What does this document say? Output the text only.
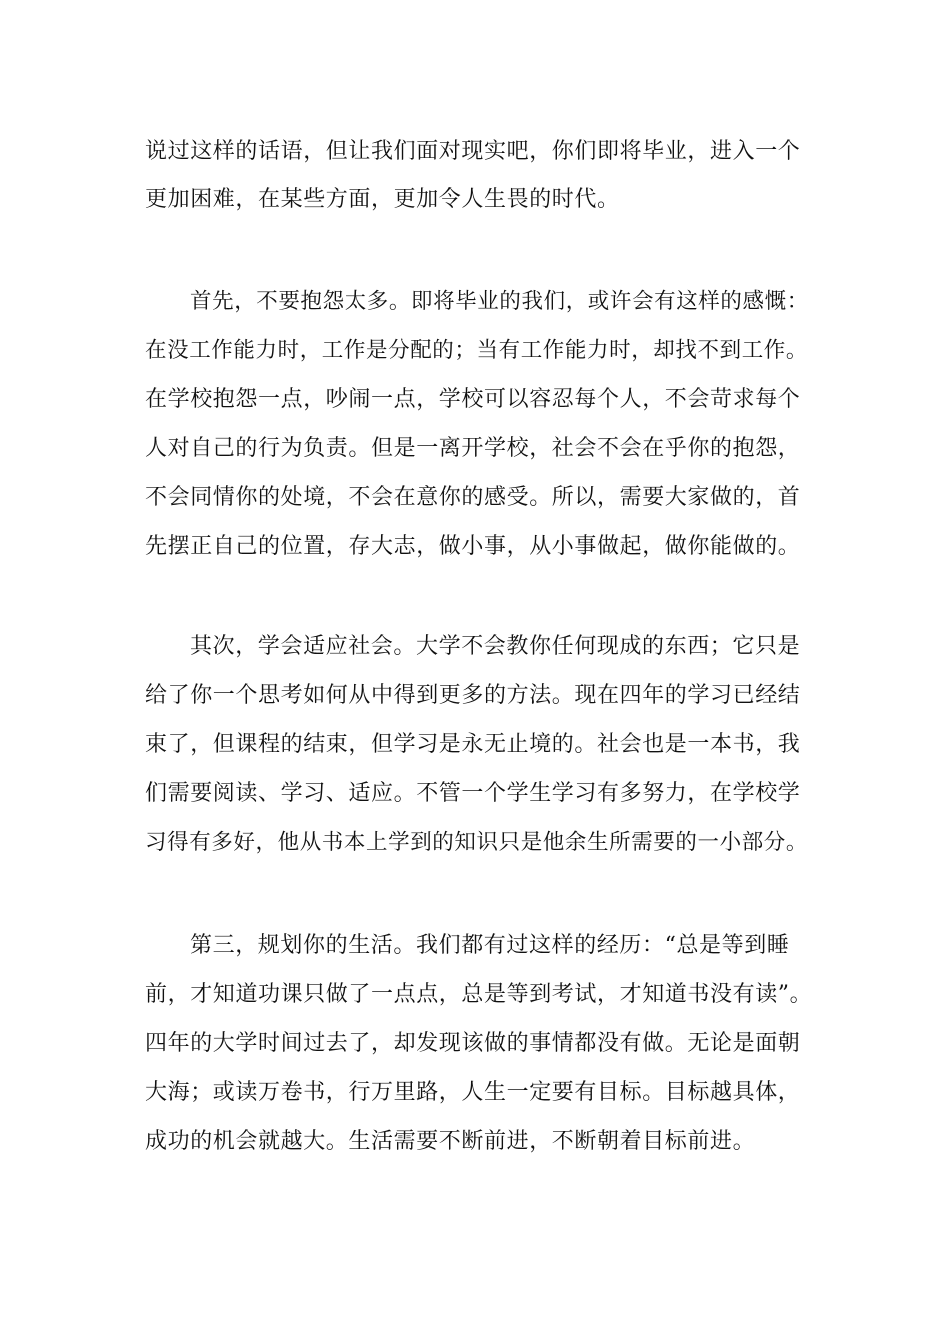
说过这样的话语，但让我们面对现实吧，你们即将毕业，进入一个
更加困难，在某些方面，更加令人生畏的时代。
首先，不要抱怨太多。即将毕业的我们，或许会有这样的感慨：
在没工作能力时，工作是分配的；当有工作能力时，却找不到工作。
在学校抱怨一点，吵闹一点，学校可以容忍每个人，不会苛求每个
人对自己的行为负责。但是一离开学校，社会不会在乎你的抱怨，
不会同情你的处境，不会在意你的感受。所以，需要大家做的，首
先摆正自己的位置，存大志，做小事，从小事做起，做你能做的。
其次，学会适应社会。大学不会教你任何现成的东西；它只是
给了你一个思考如何从中得到更多的方法。现在四年的学习已经结
束了，但课程的结束，但学习是永无止境的。社会也是一本书，我
们需要阅读、学习、适应。不管一个学生学习有多努力，在学校学
习得有多好，他从书本上学到的知识只是他余生所需要的一小部分。
第三，规划你的生活。我们都有过这样的经历：“总是等到睡
前，才知道功课只做了一点点，总是等到考试，才知道书没有读”。
四年的大学时间过去了，却发现该做的事情都没有做。无论是面朝
大海；或读万卷书，行万里路，人生一定要有目标。目标越具体，
成功的机会就越大。生活需要不断前进，不断朝着目标前进。
